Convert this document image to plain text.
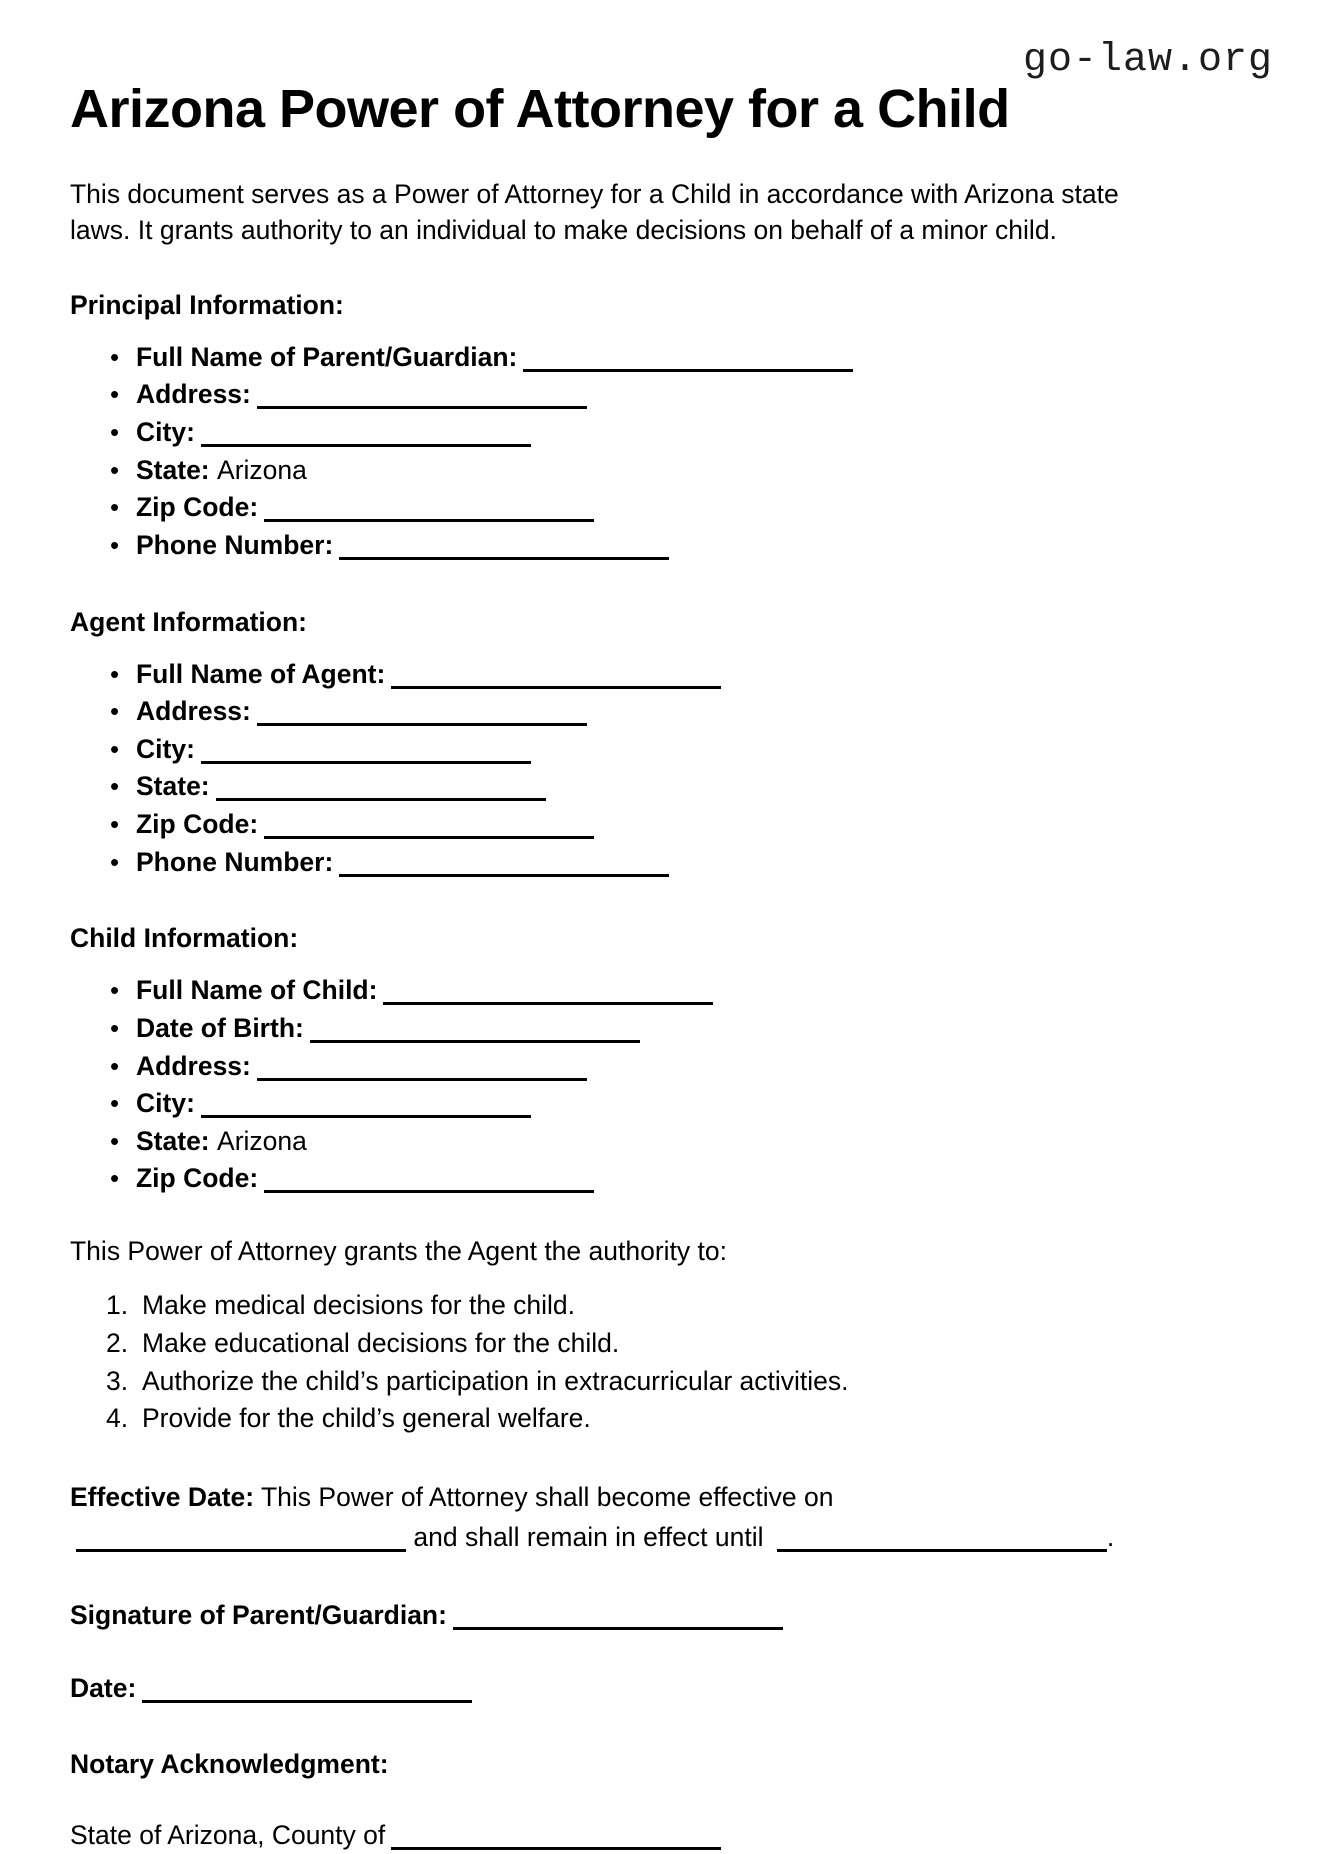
go-law.org
Arizona Power of Attorney for a Child

This document serves as a Power of Attorney for a Child in accordance with Arizona state laws. It grants authority to an individual to make decisions on behalf of a minor child.

Principal Information:
• Full Name of Parent/Guardian:
• Address:
• City:
• State: Arizona
• Zip Code:
• Phone Number:
Agent Information:
• Full Name of Agent:
• Address:
• City:
• State:
• Zip Code:
• Phone Number:
Child Information:
• Full Name of Child:
• Date of Birth:
• Address:
• City:
• State: Arizona
• Zip Code:

This Power of Attorney grants the Agent the authority to:

Make medical decisions for the child.
Make educational decisions for the child.
Authorize the child’s participation in extracurricular activities.
Provide for the child’s general welfare.

Effective Date: This Power of Attorney shall become effective on  and shall remain in effect until	.

Signature of Parent/Guardian:

Date:

Notary Acknowledgment:

State of Arizona, County of
